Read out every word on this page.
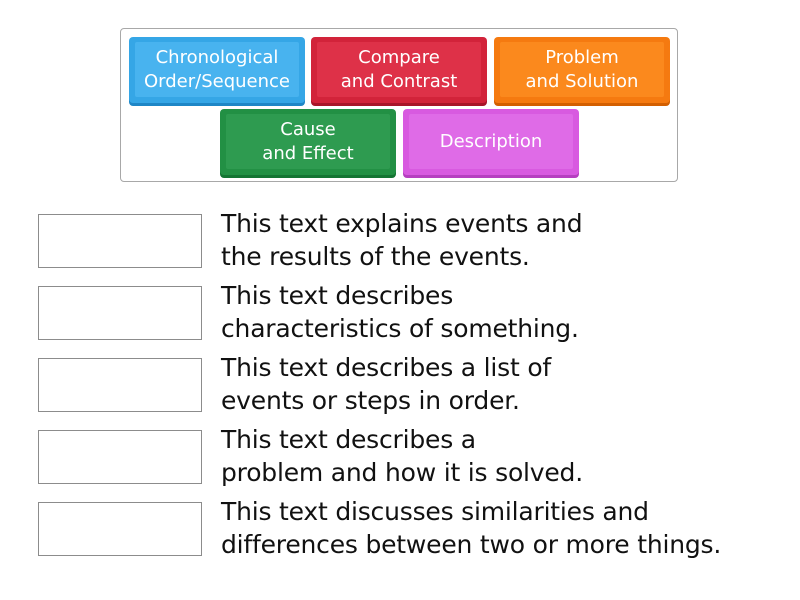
Chronological
Order/Sequence
Compare
and Contrast
Problem
and Solution
Cause
and Effect
Description
This text explains events and
the results of the events.
This text describes
characteristics of something.
This text describes a list of
events or steps in order.
This text describes a
problem and how it is solved.
This text discusses similarities and
differences between two or more things.
